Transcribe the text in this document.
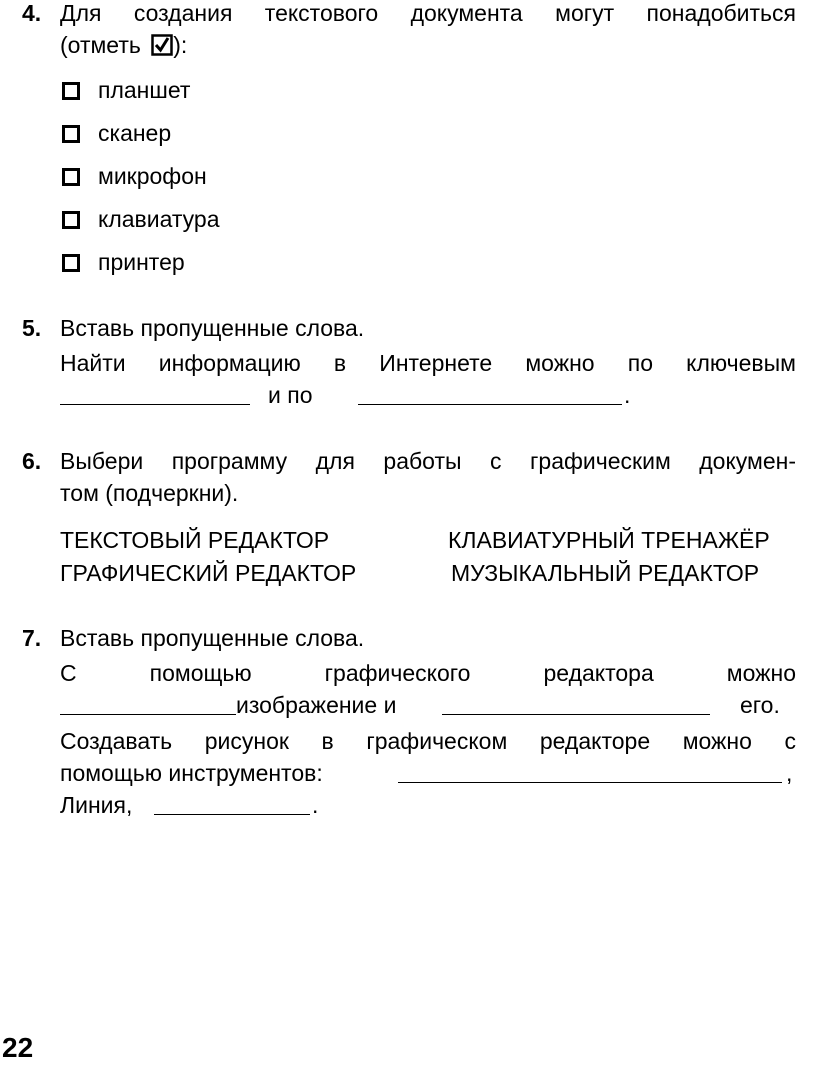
4. Для создания текстового документа могут понадобиться
(отметь ):
планшет
сканер
микрофон
клавиатура
принтер
5. Вставь пропущенные слова.
Найти информацию в Интернете можно по ключевым
и по	.
6. Выбери программу для работы с графическим докумен-
том (подчеркни).
ТЕКСТОВЫЙ РЕДАКТОР	КЛАВИАТУРНЫЙ ТРЕНАЖЁР
ГРАФИЧЕСКИЙ РЕДАКТОР	МУЗЫКАЛЬНЫЙ РЕДАКТОР
7. Вставь пропущенные слова.
С помощью графического редактора можно
изображение и	его.
Создавать рисунок в графическом редакторе можно с
помощью инструментов:	,
Линия,	.
22
